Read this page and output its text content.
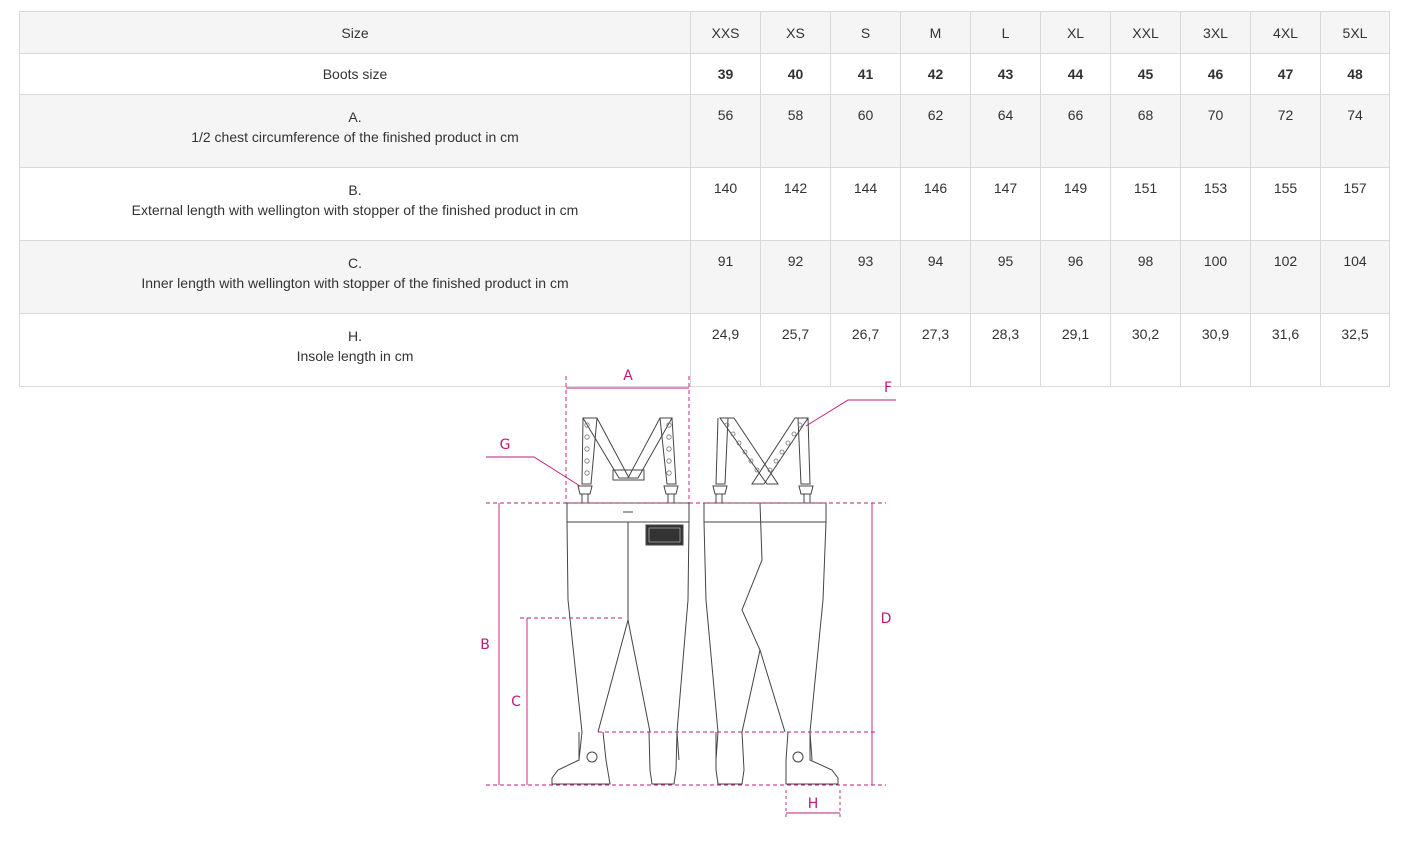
Size	XXS	XS	S	M	L	XL	XXL	3XL	4XL	5XL
Boots size	39	40	41	42	43	44	45	46	47	48

A.
1/2 chest circumference of the finished product in cm	56	58	60	62	64	66	68	70	72	74

B.
External length with wellington with stopper of the finished product in cm	140	142	144	146	147	149	151	153	155	157

C.
Inner length with wellington with stopper of the finished product in cm	91	92	93	94	95	96	98	100	102	104

H.
Insole length in cm	24,9	25,7	26,7	27,3	28,3	29,1	30,2	30,9	31,6	32,5
A
B
C
D
F
G
H
